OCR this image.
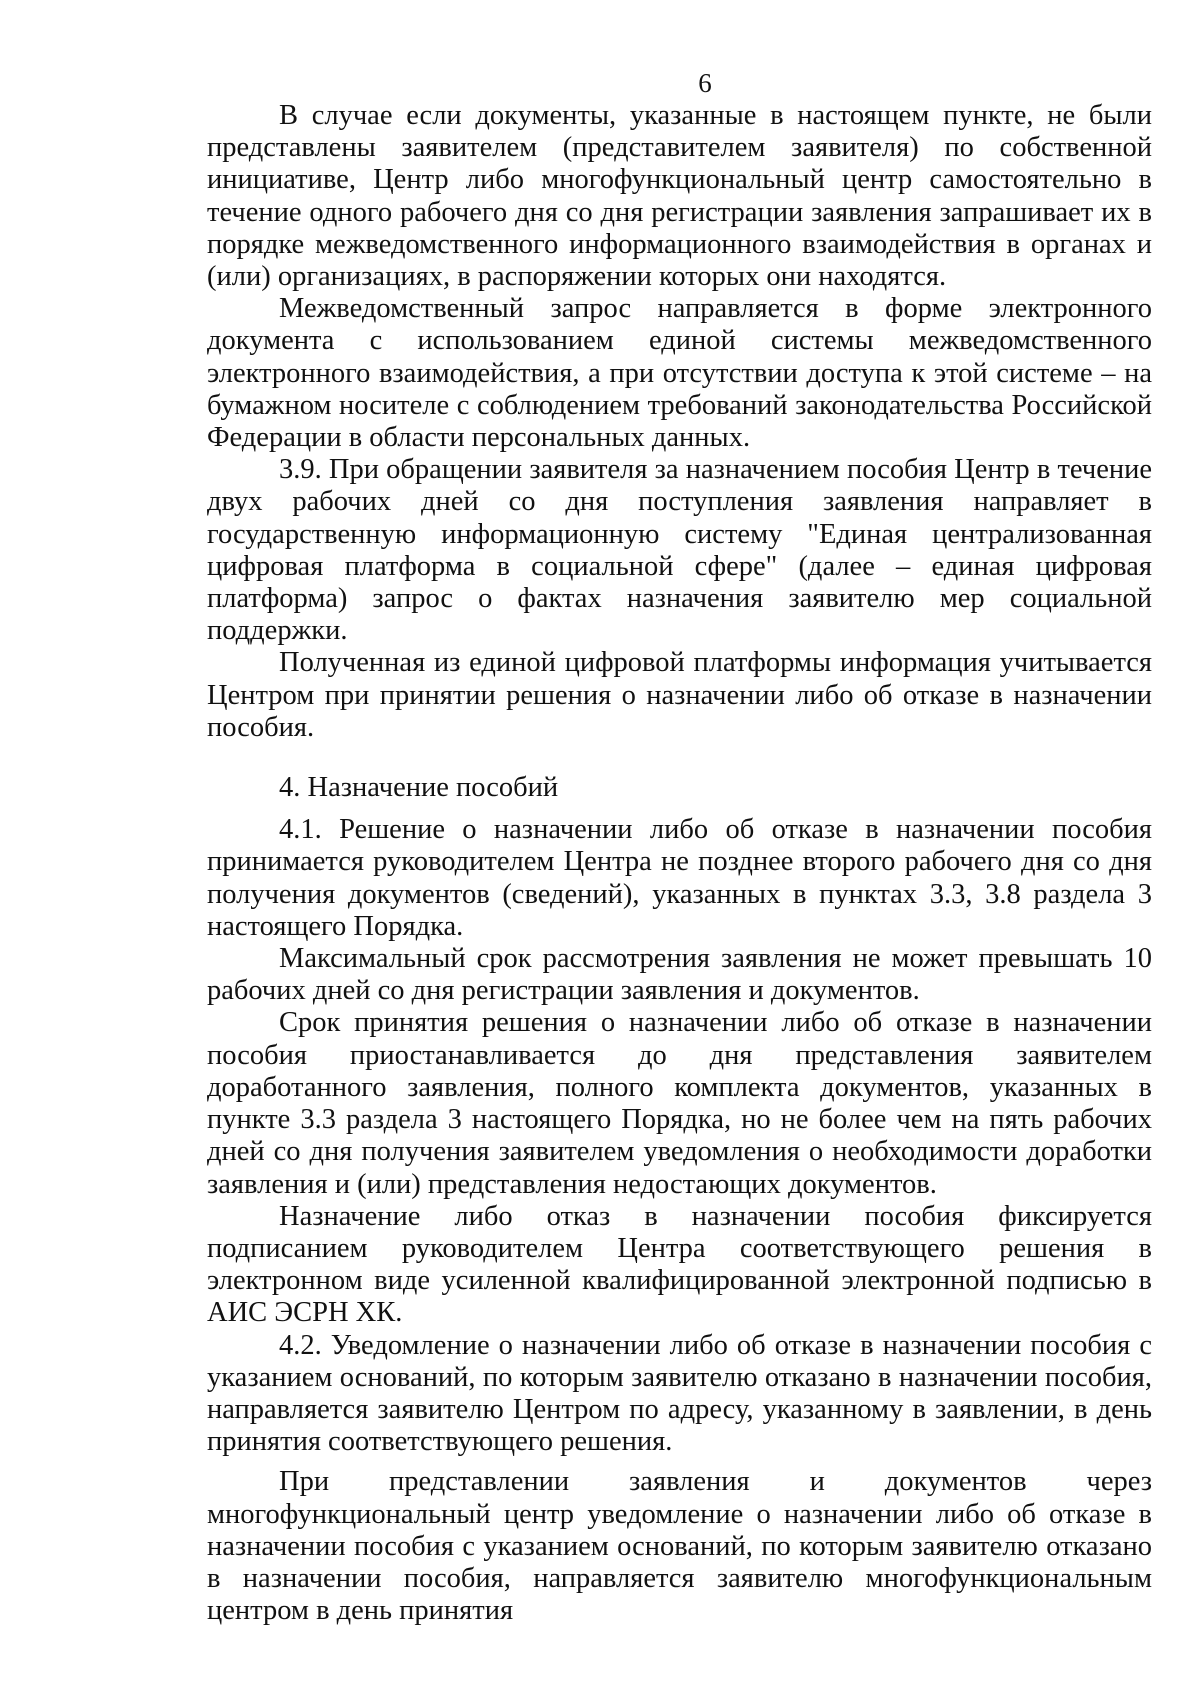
6

В случае если документы, указанные в настоящем пункте, не были представлены заявителем (представителем заявителя) по собственной инициативе, Центр либо многофункциональный центр самостоятельно в течение одного рабочего дня со дня регистрации заявления запрашивает их в порядке межведомственного информационного взаимодействия в органах и (или) организациях, в распоряжении которых они находятся.

Межведомственный запрос направляется в форме электронного документа с использованием единой системы межведомственного электронного взаимодействия, а при отсутствии доступа к этой системе – на бумажном носителе с соблюдением требований законодательства Российской Федерации в области персональных данных.

3.9. При обращении заявителя за назначением пособия Центр в течение двух рабочих дней со дня поступления заявления направляет в государственную информационную систему "Единая централизованная цифровая платформа в социальной сфере" (далее – единая цифровая платформа) запрос о фактах назначения заявителю мер социальной поддержки.

Полученная из единой цифровой платформы информация учитывается Центром при принятии решения о назначении либо об отказе в назначении пособия.

4. Назначение пособий

4.1. Решение о назначении либо об отказе в назначении пособия принимается руководителем Центра не позднее второго рабочего дня со дня получения документов (сведений), указанных в пунктах 3.3, 3.8 раздела 3 настоящего Порядка.

Максимальный срок рассмотрения заявления не может превышать 10 рабочих дней со дня регистрации заявления и документов.

Срок принятия решения о назначении либо об отказе в назначении пособия приостанавливается до дня представления заявителем доработанного заявления, полного комплекта документов, указанных в пункте 3.3 раздела 3 настоящего Порядка, но не более чем на пять рабочих дней со дня получения заявителем уведомления о необходимости доработки заявления и (или) представления недостающих документов.

Назначение либо отказ в назначении пособия фиксируется подписанием руководителем Центра соответствующего решения в электронном виде усиленной квалифицированной электронной подписью в АИС ЭСРН ХК.

4.2. Уведомление о назначении либо об отказе в назначении пособия с указанием оснований, по которым заявителю отказано в назначении пособия, направляется заявителю Центром по адресу, указанному в заявлении, в день принятия соответствующего решения.

При представлении заявления и документов через многофункциональный центр уведомление о назначении либо об отказе в назначении пособия с указанием оснований, по которым заявителю отказано в назначении пособия, направляется заявителю многофункциональным центром в день принятия
